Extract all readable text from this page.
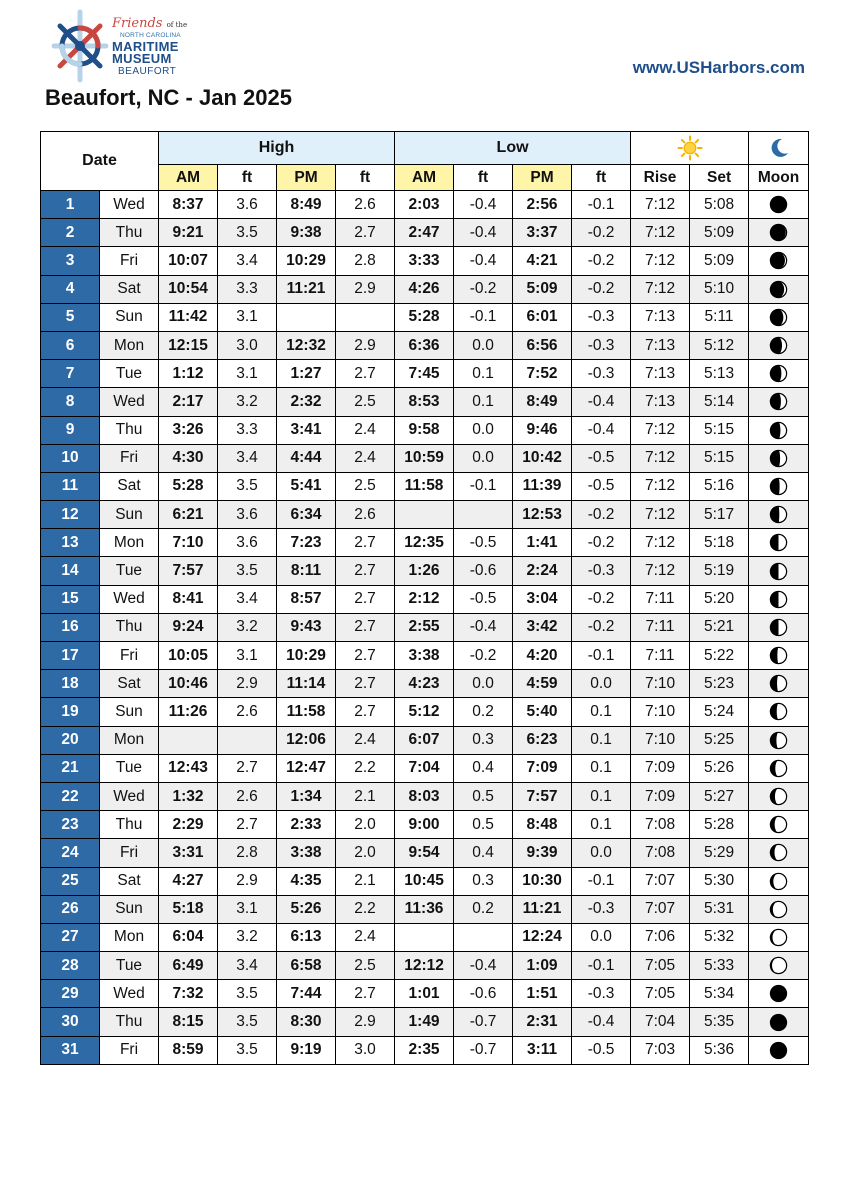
Friends of the
NORTH CAROLINA
MARITIME
MUSEUM
BEAUFORT	www.USHarbors.com
Beaufort, NC - Jan 2025
Date		High				Low		
		AM	ft	PM	ft	AM	ft	PM	ft	Rise	Set	Moon
1	Wed	8:37	3.6	8:49	2.6	2:03	-0.4	2:56	-0.1	7:12	5:08	
2	Thu	9:21	3.5	9:38	2.7	2:47	-0.4	3:37	-0.2	7:12	5:09	
3	Fri	10:07	3.4	10:29	2.8	3:33	-0.4	4:21	-0.2	7:12	5:09	
4	Sat	10:54	3.3	11:21	2.9	4:26	-0.2	5:09	-0.2	7:12	5:10	
5	Sun	11:42	3.1			5:28	-0.1	6:01	-0.3	7:13	5:11	
6	Mon	12:15	3.0	12:32	2.9	6:36	0.0	6:56	-0.3	7:13	5:12	
7	Tue	1:12	3.1	1:27	2.7	7:45	0.1	7:52	-0.3	7:13	5:13	
8	Wed	2:17	3.2	2:32	2.5	8:53	0.1	8:49	-0.4	7:13	5:14	
9	Thu	3:26	3.3	3:41	2.4	9:58	0.0	9:46	-0.4	7:12	5:15	
10	Fri	4:30	3.4	4:44	2.4	10:59	0.0	10:42	-0.5	7:12	5:15	
11	Sat	5:28	3.5	5:41	2.5	11:58	-0.1	11:39	-0.5	7:12	5:16	
12	Sun	6:21	3.6	6:34	2.6			12:53	-0.2	7:12	5:17	
13	Mon	7:10	3.6	7:23	2.7	12:35	-0.5	1:41	-0.2	7:12	5:18	
14	Tue	7:57	3.5	8:11	2.7	1:26	-0.6	2:24	-0.3	7:12	5:19	
15	Wed	8:41	3.4	8:57	2.7	2:12	-0.5	3:04	-0.2	7:11	5:20	
16	Thu	9:24	3.2	9:43	2.7	2:55	-0.4	3:42	-0.2	7:11	5:21	
17	Fri	10:05	3.1	10:29	2.7	3:38	-0.2	4:20	-0.1	7:11	5:22	
18	Sat	10:46	2.9	11:14	2.7	4:23	0.0	4:59	0.0	7:10	5:23	
19	Sun	11:26	2.6	11:58	2.7	5:12	0.2	5:40	0.1	7:10	5:24	
20	Mon			12:06	2.4	6:07	0.3	6:23	0.1	7:10	5:25	
21	Tue	12:43	2.7	12:47	2.2	7:04	0.4	7:09	0.1	7:09	5:26	
22	Wed	1:32	2.6	1:34	2.1	8:03	0.5	7:57	0.1	7:09	5:27	
23	Thu	2:29	2.7	2:33	2.0	9:00	0.5	8:48	0.1	7:08	5:28	
24	Fri	3:31	2.8	3:38	2.0	9:54	0.4	9:39	0.0	7:08	5:29	
25	Sat	4:27	2.9	4:35	2.1	10:45	0.3	10:30	-0.1	7:07	5:30	
26	Sun	5:18	3.1	5:26	2.2	11:36	0.2	11:21	-0.3	7:07	5:31	
27	Mon	6:04	3.2	6:13	2.4			12:24	0.0	7:06	5:32	
28	Tue	6:49	3.4	6:58	2.5	12:12	-0.4	1:09	-0.1	7:05	5:33	
29	Wed	7:32	3.5	7:44	2.7	1:01	-0.6	1:51	-0.3	7:05	5:34	
30	Thu	8:15	3.5	8:30	2.9	1:49	-0.7	2:31	-0.4	7:04	5:35	
31	Fri	8:59	3.5	9:19	3.0	2:35	-0.7	3:11	-0.5	7:03	5:36	
